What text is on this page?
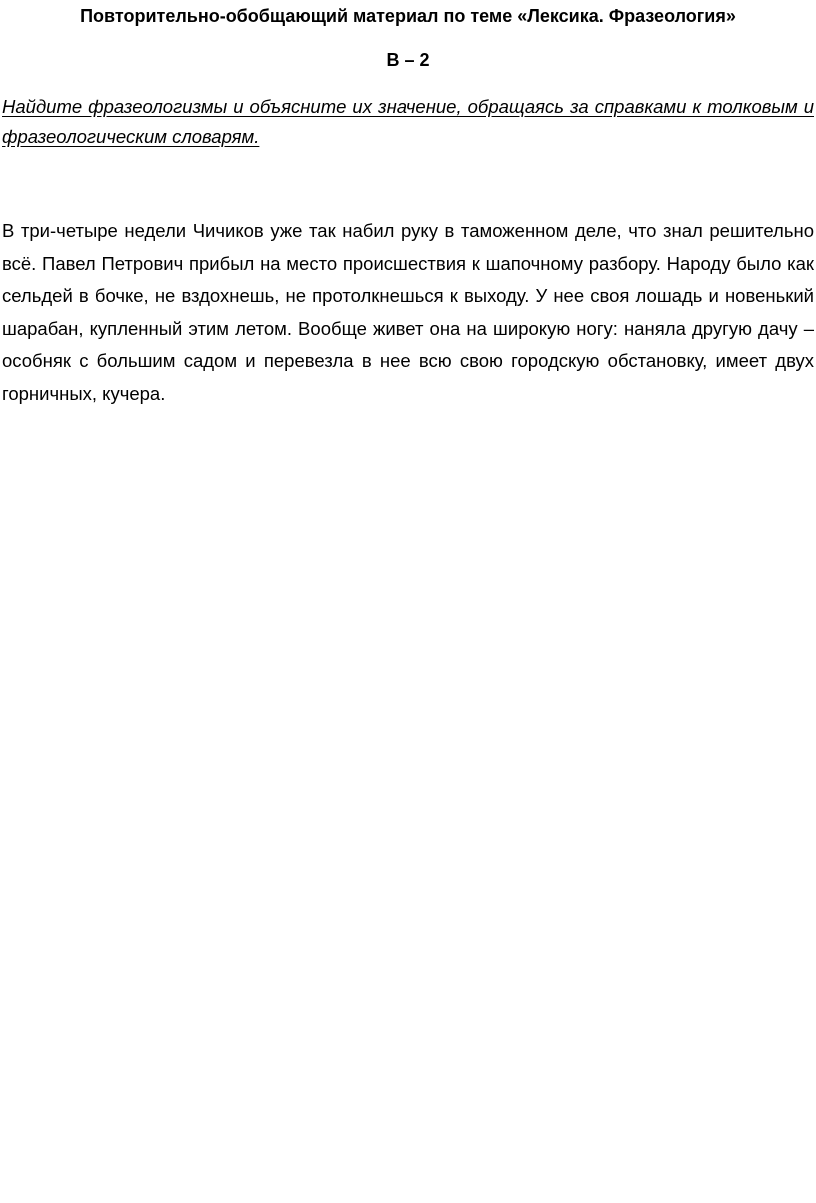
Повторительно-обобщающий материал по теме «Лексика. Фразеология»
В – 2
Найдите фразеологизмы и объясните их значение, обращаясь за справками к толковым и фразеологическим словарям.
В три-четыре недели Чичиков уже так набил руку в таможенном деле, что знал решительно всё. Павел Петрович прибыл на место происшествия к шапочному разбору. Народу было как сельдей в бочке, не вздохнешь, не протолкнешься к выходу. У нее своя лошадь и новенький шарабан, купленный этим летом. Вообще живет она на широкую ногу: наняла другую дачу – особняк с большим садом и перевезла в нее всю свою городскую обстановку, имеет двух горничных, кучера.
